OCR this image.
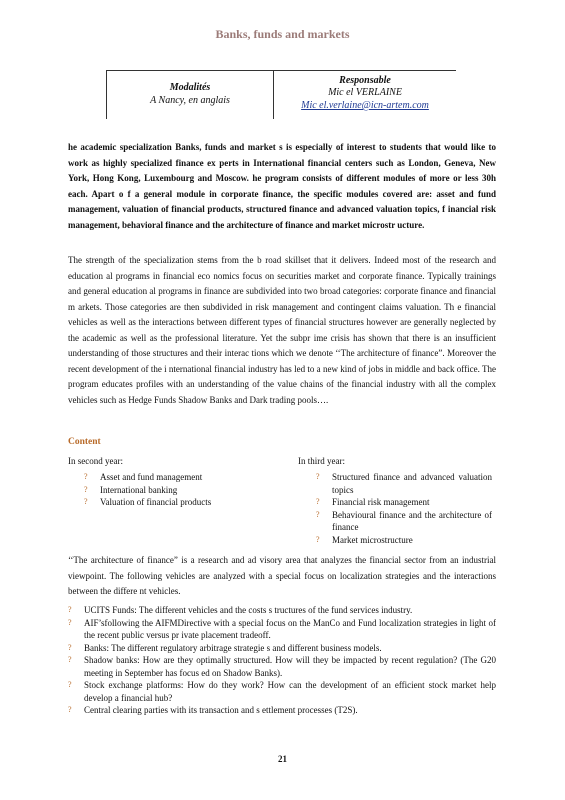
Banks, funds and markets
Modalités
A Nancy, en anglais
Responsable
Mic el VERLAINE
Mic el.verlaine@icn-artem.com

he academic specialization Banks, funds and market s is especially of interest to students that would like to work as highly specialized finance ex perts in International financial centers such as London, Geneva, New York, Hong Kong, Luxembourg and Moscow. he program consists of different modules of more or less 30h each. Apart o f a general module in corporate finance, the specific modules covered are: asset and fund management, valuation of financial products, structured finance and advanced valuation topics, f inancial risk management, behavioral finance and the architecture of finance and market microstr ucture.

The strength of the specialization stems from the b road skillset that it delivers. Indeed most of the research and education al programs in financial eco nomics focus on securities market and corporate finance. Typically trainings and general education al programs in finance are subdivided into two broad categories: corporate finance and financial m arkets. Those categories are then subdivided in risk management and contingent claims valuation. Th e financial vehicles as well as the interactions between different types of financial structures however are generally neglected by the academic as well as the professional literature. Yet the subpr ime crisis has shown that there is an insufficient understanding of those structures and their interac tions which we denote ‘‘The architecture of finance”. Moreover the recent development of the i nternational financial industry has led to a new kind of jobs in middle and back office. The program educates profiles with an understanding of the value chains of the financial industry with all the complex vehicles such as Hedge Funds Shadow Banks and Dark trading pools….

Content
In second year:	In third year:
? Asset and fund management
? International banking
? Valuation of financial products
? Structured finance and advanced valuation topics
? Financial risk management
? Behavioural finance and the architecture of finance
? Market microstructure

‘‘The architecture of finance” is a research and ad visory area that analyzes the financial sector from an industrial viewpoint. The following vehicles are analyzed with a special focus on localization strategies and the interactions between the differe nt vehicles.

? UCITS Funds: The different vehicles and the costs s tructures of the fund services industry.
? AIF’sfollowing the AIFMDirective with a special focus on the ManCo and Fund localization strategies in light of the recent public versus pr ivate placement tradeoff.
? Banks: The different regulatory arbitrage strategie s and different business models.
? Shadow banks: How are they optimally structured. How will they be impacted by recent regulation? (The G20 meeting in September has focus ed on Shadow Banks).
? Stock exchange platforms: How do they work? How can the development of an efficient stock market help develop a financial hub?
? Central clearing parties with its transaction and s ettlement processes (T2S).
21
